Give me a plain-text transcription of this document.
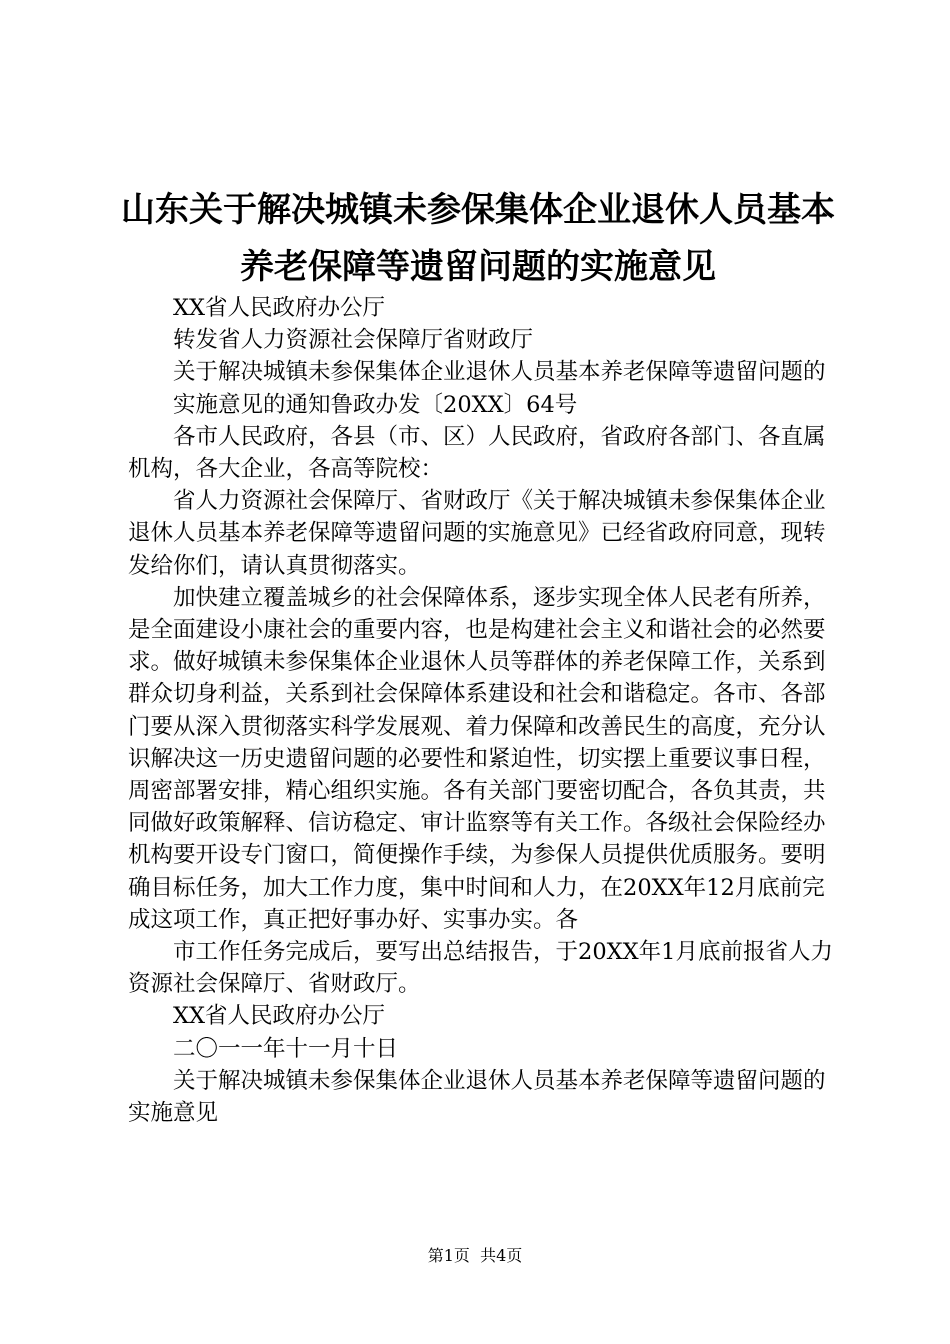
山东关于解决城镇未参保集体企业退休人员基本养老保障等遗留问题的实施意见

XX省人民政府办公厅

转发省人力资源社会保障厅省财政厅

关于解决城镇未参保集体企业退休人员基本养老保障等遗留问题的

实施意见的通知鲁政办发〔20XX〕64号

各市人民政府，各县（市、区）人民政府，省政府各部门、各直属机构，各大企业，各高等院校：

省人力资源社会保障厅、省财政厅《关于解决城镇未参保集体企业退休人员基本养老保障等遗留问题的实施意见》已经省政府同意，现转发给你们，请认真贯彻落实。

加快建立覆盖城乡的社会保障体系，逐步实现全体人民老有所养，是全面建设小康社会的重要内容，也是构建社会主义和谐社会的必然要求。做好城镇未参保集体企业退休人员等群体的养老保障工作，关系到群众切身利益，关系到社会保障体系建设和社会和谐稳定。各市、各部门要从深入贯彻落实科学发展观、着力保障和改善民生的高度，充分认识解决这一历史遗留问题的必要性和紧迫性，切实摆上重要议事日程，周密部署安排，精心组织实施。各有关部门要密切配合，各负其责，共同做好政策解释、信访稳定、审计监察等有关工作。各级社会保险经办机构要开设专门窗口，简便操作手续，为参保人员提供优质服务。要明确目标任务，加大工作力度，集中时间和人力，在20XX年12月底前完成这项工作，真正把好事办好、实事办实。各

市工作任务完成后，要写出总结报告，于20XX年1月底前报省人力资源社会保障厅、省财政厅。

XX省人民政府办公厅

二〇一一年十一月十日

关于解决城镇未参保集体企业退休人员基本养老保障等遗留问题的实施意见

第1页 共4页
